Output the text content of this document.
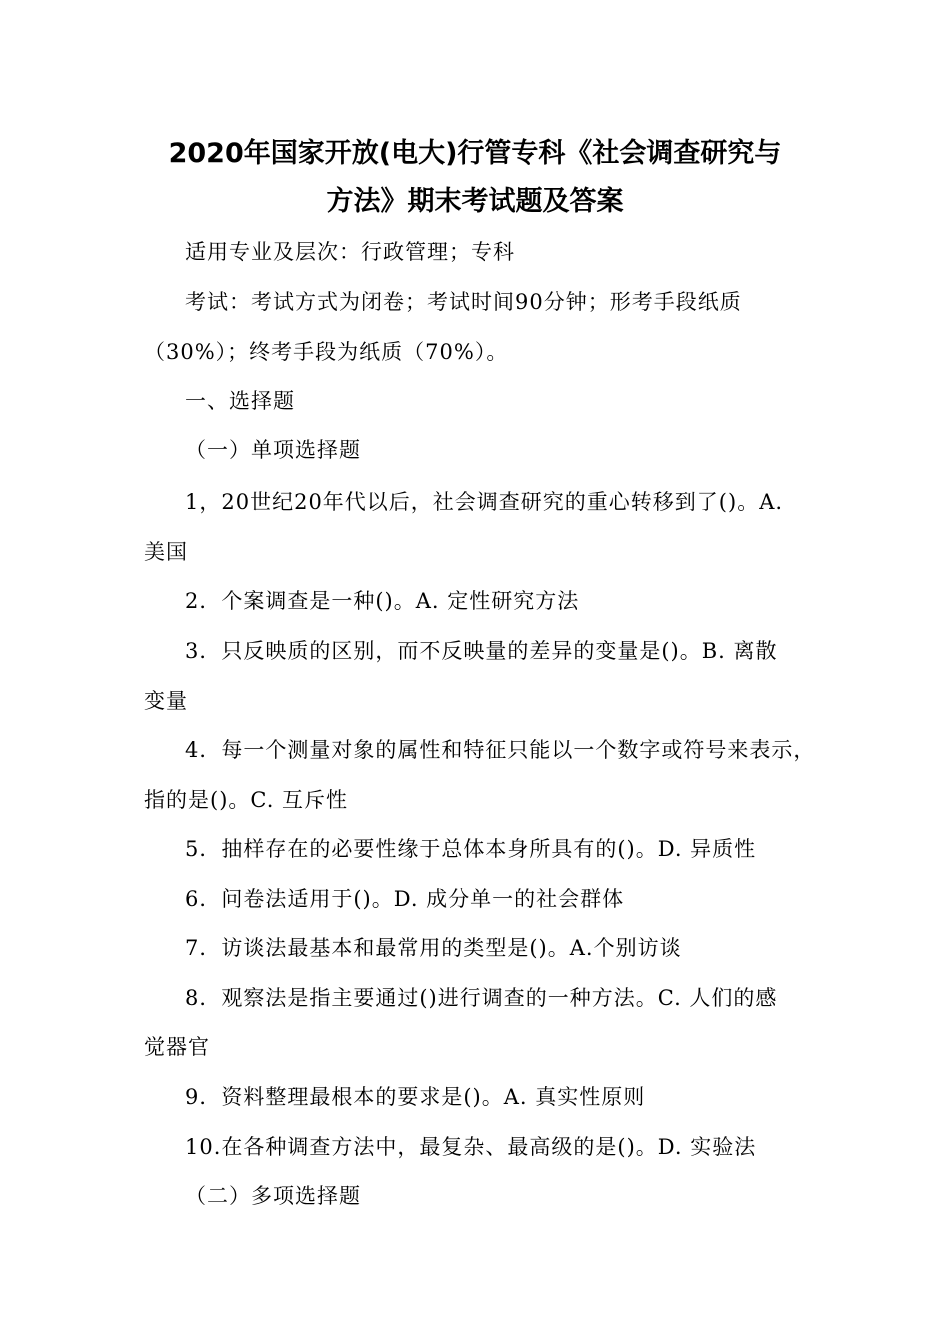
2020年国家开放(电大)行管专科《社会调查研究与
方法》期末考试题及答案
适用专业及层次：行政管理；专科
考试：考试方式为闭卷；考试时间90分钟；形考手段纸质
（30%）；终考手段为纸质（70%）。
一、选择题
（一）单项选择题
1，20世纪20年代以后，社会调查研究的重心转移到了()。A.
美国
2．个案调查是一种()。A. 定性研究方法
3．只反映质的区别，而不反映量的差异的变量是()。B. 离散
变量
4．每一个测量对象的属性和特征只能以一个数字或符号来表示，
指的是()。C. 互斥性
5．抽样存在的必要性缘于总体本身所具有的()。D. 异质性
6．问卷法适用于()。D. 成分单一的社会群体
7．访谈法最基本和最常用的类型是()。A.个别访谈
8．观察法是指主要通过()进行调查的一种方法。C. 人们的感
觉器官
9．资料整理最根本的要求是()。A. 真实性原则
10.在各种调查方法中，最复杂、最高级的是()。D. 实验法
（二）多项选择题
